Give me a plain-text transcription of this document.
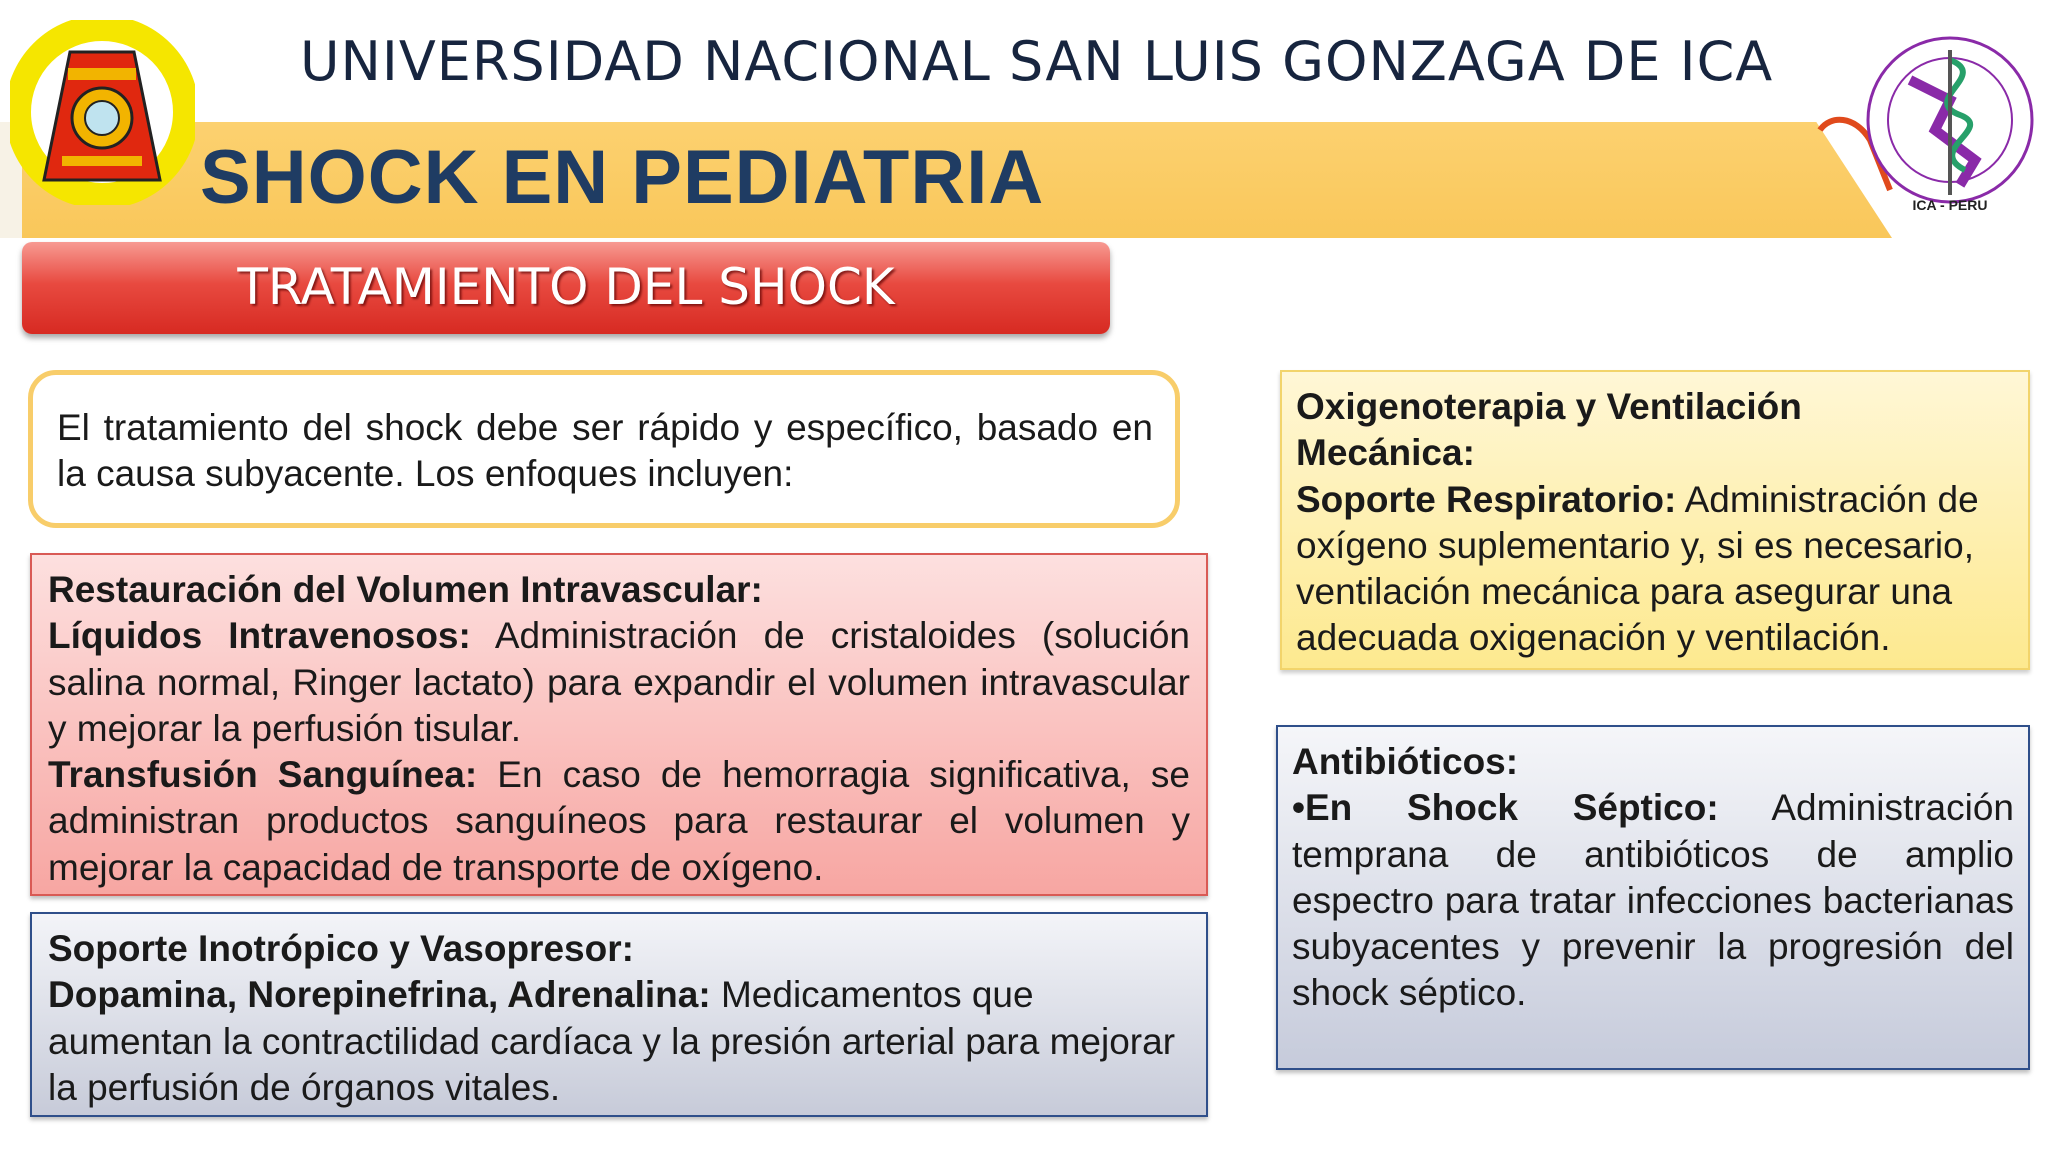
UNIVERSIDAD NACIONAL SAN LUIS GONZAGA DE ICA
SHOCK EN PEDIATRIA	ICA - PERU
TRATAMIENTO DEL SHOCK
El tratamiento del shock debe ser rápido y específico, basado en la causa subyacente. Los enfoques incluyen:
Restauración del Volumen Intravascular:
Líquidos Intravenosos: Administración de cristaloides (solución salina normal, Ringer lactato) para expandir el volumen intravascular y mejorar la perfusión tisular.
Transfusión Sanguínea: En caso de hemorragia significativa, se administran productos sanguíneos para restaurar el volumen y mejorar la capacidad de transporte de oxígeno.
Soporte Inotrópico y Vasopresor:
Dopamina, Norepinefrina, Adrenalina: Medicamentos que aumentan la contractilidad cardíaca y la presión arterial para mejorar la perfusión de órganos vitales.
Oxigenoterapia y Ventilación
Mecánica:
Soporte Respiratorio: Administración de oxígeno suplementario y, si es necesario, ventilación mecánica para asegurar una adecuada oxigenación y ventilación.
Antibióticos:
•En Shock Séptico: Administración temprana de antibióticos de amplio espectro para tratar infecciones bacterianas subyacentes y prevenir la progresión del shock séptico.
